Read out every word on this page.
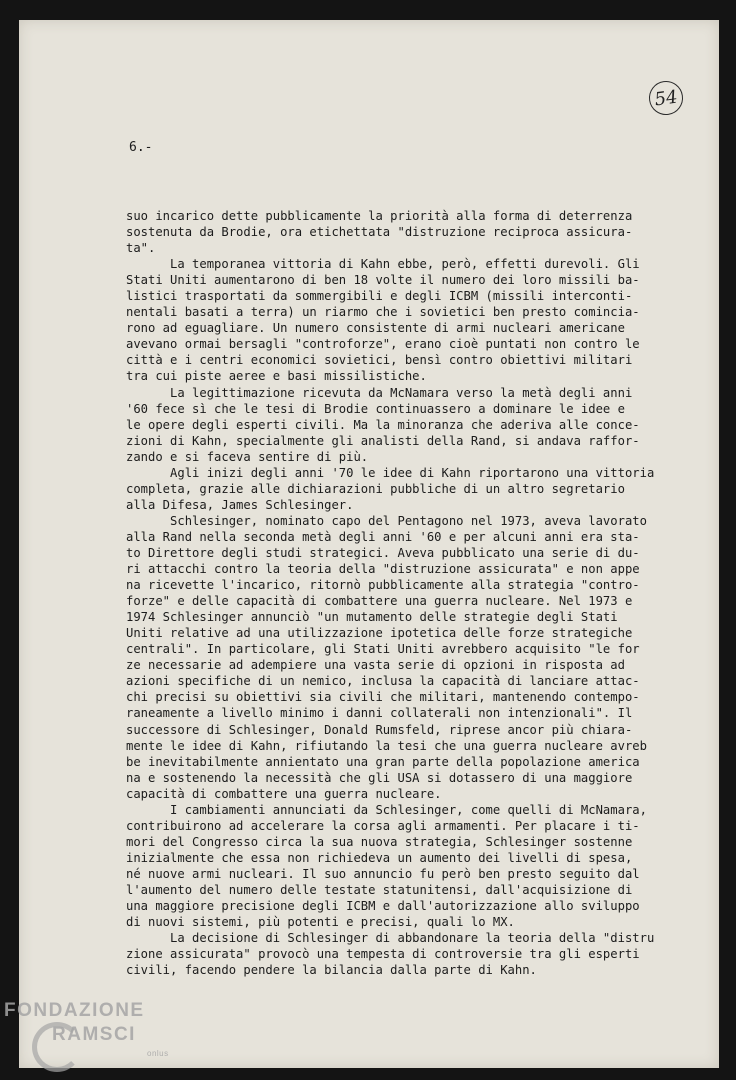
54
6.-
suo incarico dette pubblicamente la priorità alla forma di deterrenza
sostenuta da Brodie, ora etichettata "distruzione reciproca assicura-
ta".
La temporanea vittoria di Kahn ebbe, però, effetti durevoli. Gli
Stati Uniti aumentarono di ben 18 volte il numero dei loro missili ba-
listici trasportati da sommergibili e degli ICBM (missili interconti-
nentali basati a terra) un riarmo che i sovietici ben presto comincia-
rono ad eguagliare. Un numero consistente di armi nucleari americane
avevano ormai bersagli "controforze", erano cioè puntati non contro le
città e i centri economici sovietici, bensì contro obiettivi militari
tra cui piste aeree e basi missilistiche.
La legittimazione ricevuta da McNamara verso la metà degli anni
'60 fece sì che le tesi di Brodie continuassero a dominare le idee e
le opere degli esperti civili. Ma la minoranza che aderiva alle conce-
zioni di Kahn, specialmente gli analisti della Rand, si andava raffor-
zando e si faceva sentire di più.
Agli inizi degli anni '70 le idee di Kahn riportarono una vittoria
completa, grazie alle dichiarazioni pubbliche di un altro segretario
alla Difesa, James Schlesinger.
Schlesinger, nominato capo del Pentagono nel 1973, aveva lavorato
alla Rand nella seconda metà degli anni '60 e per alcuni anni era sta-
to Direttore degli studi strategici. Aveva pubblicato una serie di du-
ri attacchi contro la teoria della "distruzione assicurata" e non appe
na ricevette l'incarico, ritornò pubblicamente alla strategia "contro-
forze" e delle capacità di combattere una guerra nucleare. Nel 1973 e
1974 Schlesinger annunciò "un mutamento delle strategie degli Stati
Uniti relative ad una utilizzazione ipotetica delle forze strategiche
centrali". In particolare, gli Stati Uniti avrebbero acquisito "le for
ze necessarie ad adempiere una vasta serie di opzioni in risposta ad
azioni specifiche di un nemico, inclusa la capacità di lanciare attac-
chi precisi su obiettivi sia civili che militari, mantenendo contempo-
raneamente a livello minimo i danni collaterali non intenzionali". Il
successore di Schlesinger, Donald Rumsfeld, riprese ancor più chiara-
mente le idee di Kahn, rifiutando la tesi che una guerra nucleare avreb
be inevitabilmente annientato una gran parte della popolazione america
na e sostenendo la necessità che gli USA si dotassero di una maggiore
capacità di combattere una guerra nucleare.
I cambiamenti annunciati da Schlesinger, come quelli di McNamara,
contribuirono ad accelerare la corsa agli armamenti. Per placare i ti-
mori del Congresso circa la sua nuova strategia, Schlesinger sostenne
inizialmente che essa non richiedeva un aumento dei livelli di spesa,
né nuove armi nucleari. Il suo annuncio fu però ben presto seguito dal
l'aumento del numero delle testate statunitensi, dall'acquisizione di
una maggiore precisione degli ICBM e dall'autorizzazione allo sviluppo
di nuovi sistemi, più potenti e precisi, quali lo MX.
La decisione di Schlesinger di abbandonare la teoria della "distru
zione assicurata" provocò una tempesta di controversie tra gli esperti
civili, facendo pendere la bilancia dalla parte di Kahn.
FONDAZIONE
RAMSCI
onlus
